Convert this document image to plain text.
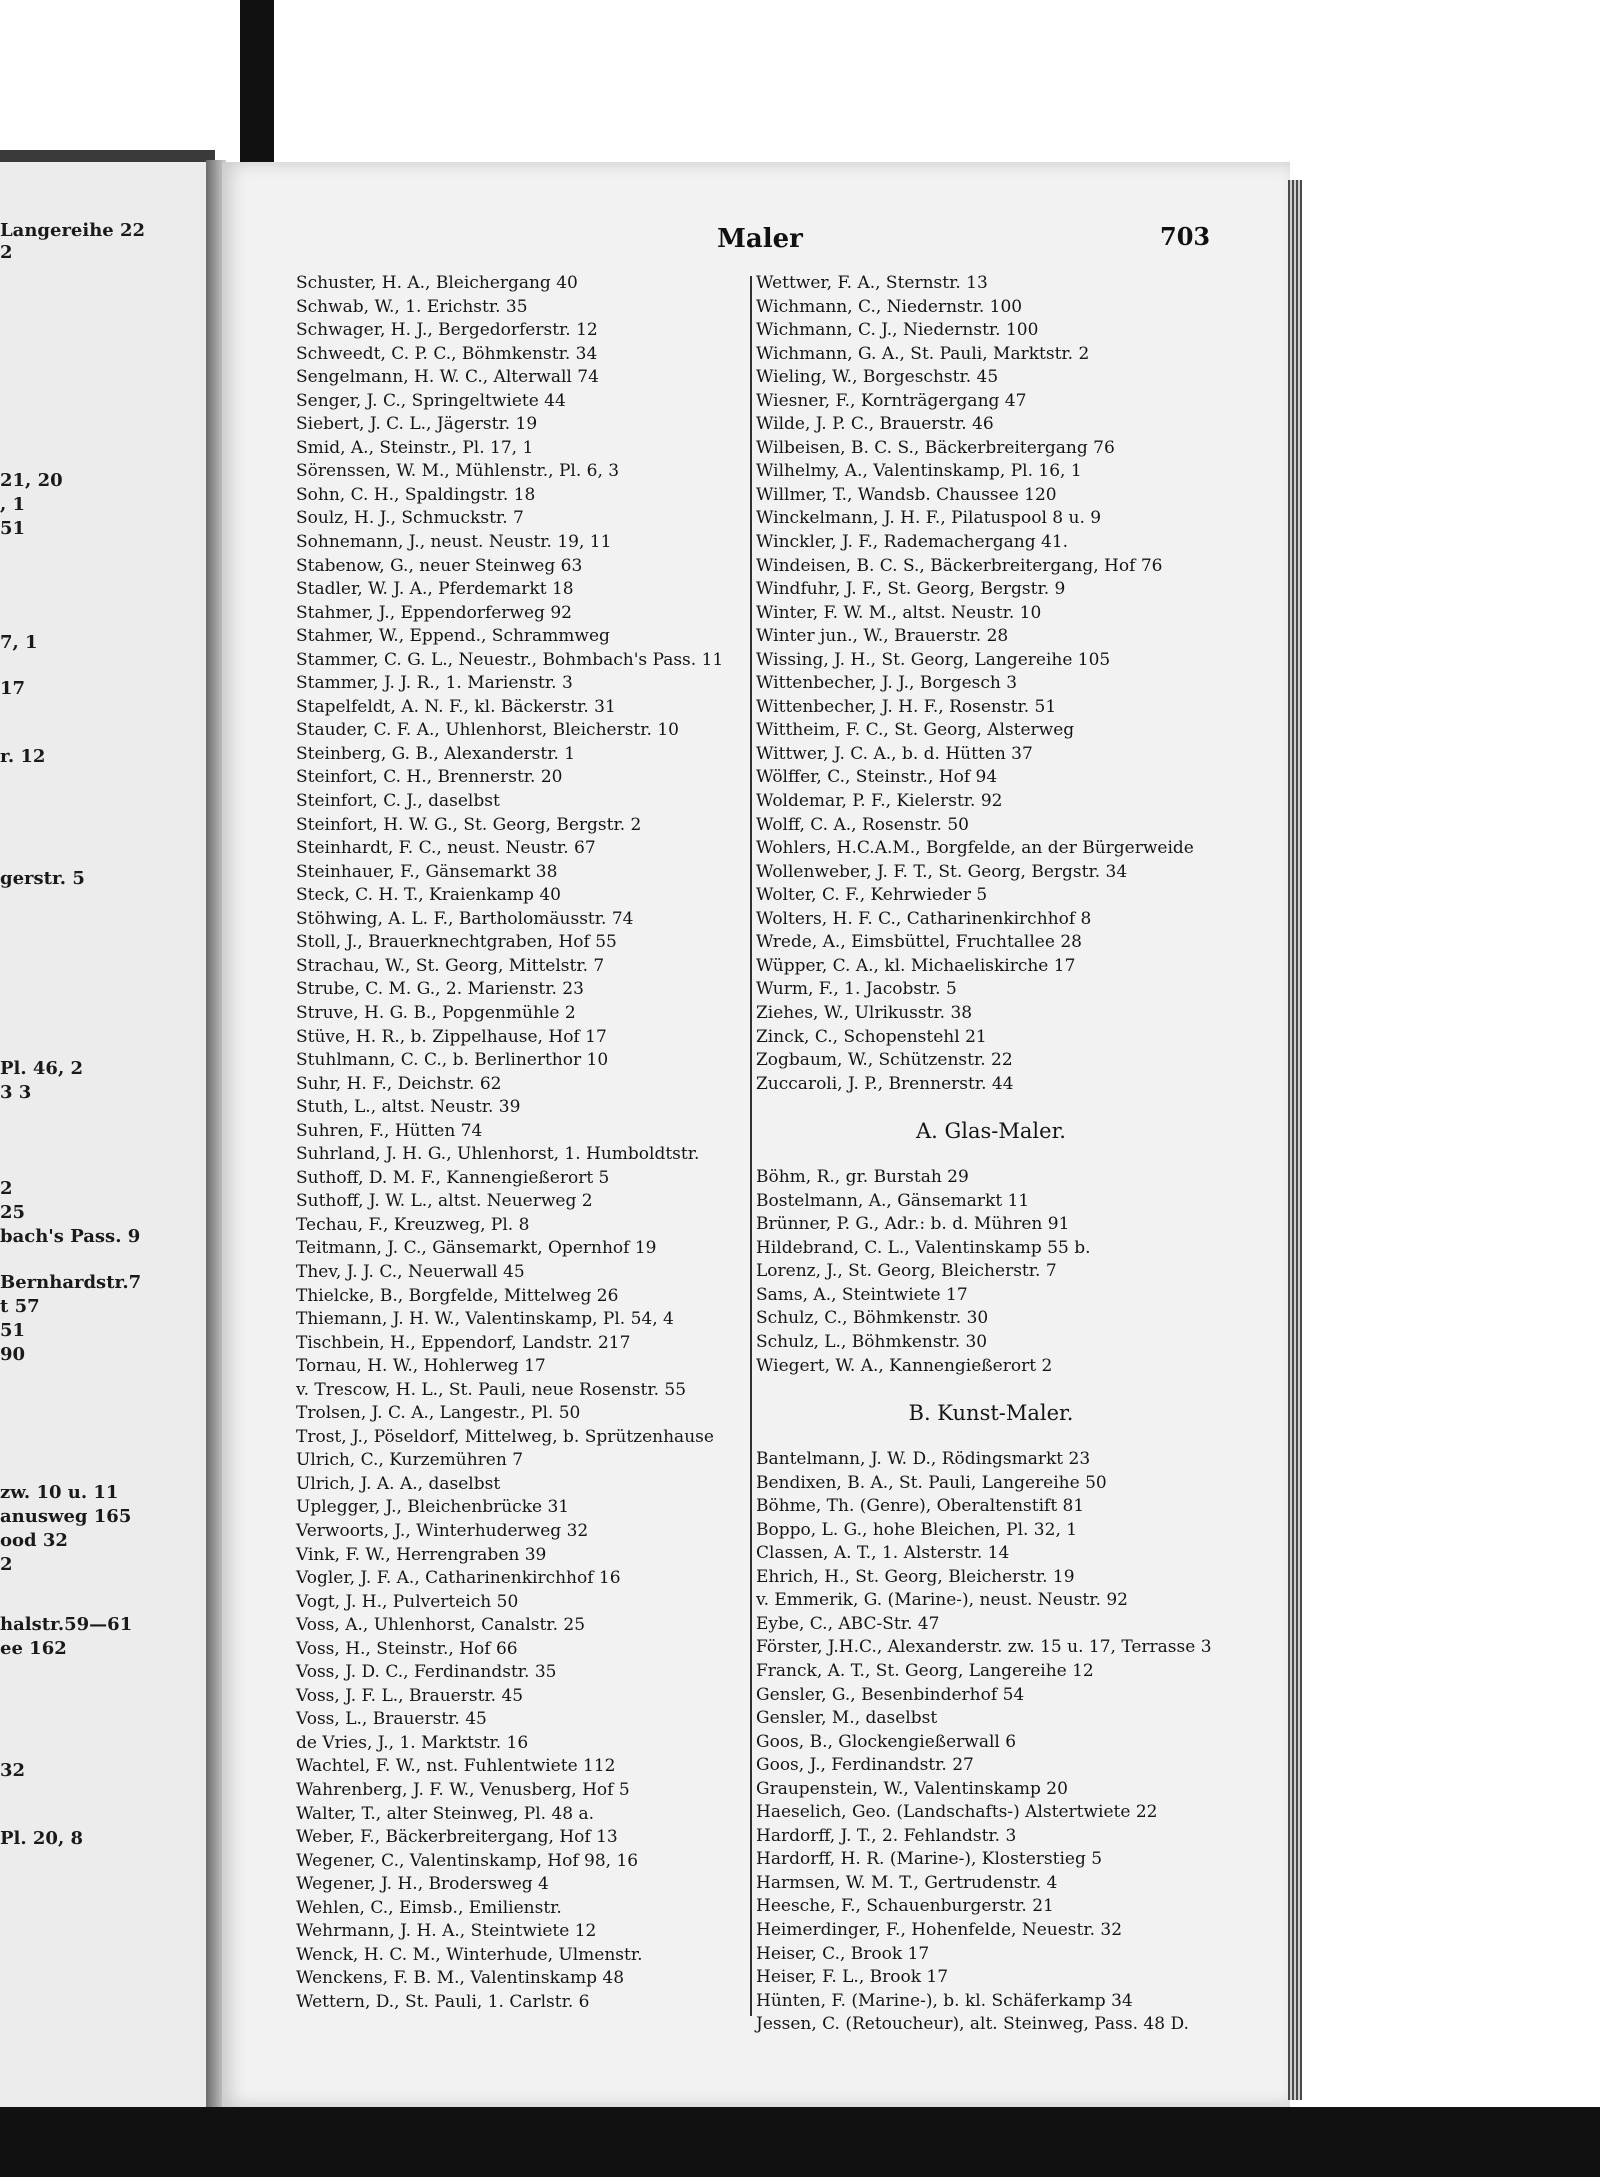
Langereihe 22
2
21, 20
, 1
51
7, 1
17
r. 12
gerstr. 5
Pl. 46, 2
3 3
2
25
bach's Pass. 9
Bernhardstr.7
t 57
51
90
zw. 10 u. 11
anusweg 165
ood 32
2
halstr.59—61
ee 162
32
Pl. 20, 8
Maler	703
Schuster, H. A., Bleichergang 40
Schwab, W., 1. Erichstr. 35
Schwager, H. J., Bergedorferstr. 12
Schweedt, C. P. C., Böhmkenstr. 34
Sengelmann, H. W. C., Alterwall 74
Senger, J. C., Springeltwiete 44
Siebert, J. C. L., Jägerstr. 19
Smid, A., Steinstr., Pl. 17, 1
Sörenssen, W. M., Mühlenstr., Pl. 6, 3
Sohn, C. H., Spaldingstr. 18
Soulz, H. J., Schmuckstr. 7
Sohnemann, J., neust. Neustr. 19, 11
Stabenow, G., neuer Steinweg 63
Stadler, W. J. A., Pferdemarkt 18
Stahmer, J., Eppendorferweg 92
Stahmer, W., Eppend., Schrammweg
Stammer, C. G. L., Neuestr., Bohmbach's Pass. 11
Stammer, J. J. R., 1. Marienstr. 3
Stapelfeldt, A. N. F., kl. Bäckerstr. 31
Stauder, C. F. A., Uhlenhorst, Bleicherstr. 10
Steinberg, G. B., Alexanderstr. 1
Steinfort, C. H., Brennerstr. 20
Steinfort, C. J., daselbst
Steinfort, H. W. G., St. Georg, Bergstr. 2
Steinhardt, F. C., neust. Neustr. 67
Steinhauer, F., Gänsemarkt 38
Steck, C. H. T., Kraienkamp 40
Stöhwing, A. L. F., Bartholomäusstr. 74
Stoll, J., Brauerknechtgraben, Hof 55
Strachau, W., St. Georg, Mittelstr. 7
Strube, C. M. G., 2. Marienstr. 23
Struve, H. G. B., Popgenmühle 2
Stüve, H. R., b. Zippelhause, Hof 17
Stuhlmann, C. C., b. Berlinerthor 10
Suhr, H. F., Deichstr. 62
Stuth, L., altst. Neustr. 39
Suhren, F., Hütten 74
Suhrland, J. H. G., Uhlenhorst, 1. Humboldtstr.
Suthoff, D. M. F., Kannengießerort 5
Suthoff, J. W. L., altst. Neuerweg 2
Techau, F., Kreuzweg, Pl. 8
Teitmann, J. C., Gänsemarkt, Opernhof 19
Thev, J. J. C., Neuerwall 45
Thielcke, B., Borgfelde, Mittelweg 26
Thiemann, J. H. W., Valentinskamp, Pl. 54, 4
Tischbein, H., Eppendorf, Landstr. 217
Tornau, H. W., Hohlerweg 17
v. Trescow, H. L., St. Pauli, neue Rosenstr. 55
Trolsen, J. C. A., Langestr., Pl. 50
Trost, J., Pöseldorf, Mittelweg, b. Sprützenhause
Ulrich, C., Kurzemühren 7
Ulrich, J. A. A., daselbst
Uplegger, J., Bleichenbrücke 31
Verwoorts, J., Winterhuderweg 32
Vink, F. W., Herrengraben 39
Vogler, J. F. A., Catharinenkirchhof 16
Vogt, J. H., Pulverteich 50
Voss, A., Uhlenhorst, Canalstr. 25
Voss, H., Steinstr., Hof 66
Voss, J. D. C., Ferdinandstr. 35
Voss, J. F. L., Brauerstr. 45
Voss, L., Brauerstr. 45
de Vries, J., 1. Marktstr. 16
Wachtel, F. W., nst. Fuhlentwiete 112
Wahrenberg, J. F. W., Venusberg, Hof 5
Walter, T., alter Steinweg, Pl. 48 a.
Weber, F., Bäckerbreitergang, Hof 13
Wegener, C., Valentinskamp, Hof 98, 16
Wegener, J. H., Brodersweg 4
Wehlen, C., Eimsb., Emilienstr.
Wehrmann, J. H. A., Steintwiete 12
Wenck, H. C. M., Winterhude, Ulmenstr.
Wenckens, F. B. M., Valentinskamp 48
Wettern, D., St. Pauli, 1. Carlstr. 6
Wettwer, F. A., Sternstr. 13
Wichmann, C., Niedernstr. 100
Wichmann, C. J., Niedernstr. 100
Wichmann, G. A., St. Pauli, Marktstr. 2
Wieling, W., Borgeschstr. 45
Wiesner, F., Kornträgergang 47
Wilde, J. P. C., Brauerstr. 46
Wilbeisen, B. C. S., Bäckerbreitergang 76
Wilhelmy, A., Valentinskamp, Pl. 16, 1
Willmer, T., Wandsb. Chaussee 120
Winckelmann, J. H. F., Pilatuspool 8 u. 9
Winckler, J. F., Rademachergang 41.
Windeisen, B. C. S., Bäckerbreitergang, Hof 76
Windfuhr, J. F., St. Georg, Bergstr. 9
Winter, F. W. M., altst. Neustr. 10
Winter jun., W., Brauerstr. 28
Wissing, J. H., St. Georg, Langereihe 105
Wittenbecher, J. J., Borgesch 3
Wittenbecher, J. H. F., Rosenstr. 51
Wittheim, F. C., St. Georg, Alsterweg
Wittwer, J. C. A., b. d. Hütten 37
Wölffer, C., Steinstr., Hof 94
Woldemar, P. F., Kielerstr. 92
Wolff, C. A., Rosenstr. 50
Wohlers, H.C.A.M., Borgfelde, an der Bürgerweide
Wollenweber, J. F. T., St. Georg, Bergstr. 34
Wolter, C. F., Kehrwieder 5
Wolters, H. F. C., Catharinenkirchhof 8
Wrede, A., Eimsbüttel, Fruchtallee 28
Wüpper, C. A., kl. Michaeliskirche 17
Wurm, F., 1. Jacobstr. 5
Ziehes, W., Ulrikusstr. 38
Zinck, C., Schopenstehl 21
Zogbaum, W., Schützenstr. 22
Zuccaroli, J. P., Brennerstr. 44
A. Glas-Maler.
Böhm, R., gr. Burstah 29
Bostelmann, A., Gänsemarkt 11
Brünner, P. G., Adr.: b. d. Mühren 91
Hildebrand, C. L., Valentinskamp 55 b.
Lorenz, J., St. Georg, Bleicherstr. 7
Sams, A., Steintwiete 17
Schulz, C., Böhmkenstr. 30
Schulz, L., Böhmkenstr. 30
Wiegert, W. A., Kannengießerort 2
B. Kunst-Maler.
Bantelmann, J. W. D., Rödingsmarkt 23
Bendixen, B. A., St. Pauli, Langereihe 50
Böhme, Th. (Genre), Oberaltenstift 81
Boppo, L. G., hohe Bleichen, Pl. 32, 1
Classen, A. T., 1. Alsterstr. 14
Ehrich, H., St. Georg, Bleicherstr. 19
v. Emmerik, G. (Marine-), neust. Neustr. 92
Eybe, C., ABC-Str. 47
Förster, J.H.C., Alexanderstr. zw. 15 u. 17, Terrasse 3
Franck, A. T., St. Georg, Langereihe 12
Gensler, G., Besenbinderhof 54
Gensler, M., daselbst
Goos, B., Glockengießerwall 6
Goos, J., Ferdinandstr. 27
Graupenstein, W., Valentinskamp 20
Haeselich, Geo. (Landschafts-) Alstertwiete 22
Hardorff, J. T., 2. Fehlandstr. 3
Hardorff, H. R. (Marine-), Klosterstieg 5
Harmsen, W. M. T., Gertrudenstr. 4
Heesche, F., Schauenburgerstr. 21
Heimerdinger, F., Hohenfelde, Neuestr. 32
Heiser, C., Brook 17
Heiser, F. L., Brook 17
Hünten, F. (Marine-), b. kl. Schäferkamp 34
Jessen, C. (Retoucheur), alt. Steinweg, Pass. 48 D.
